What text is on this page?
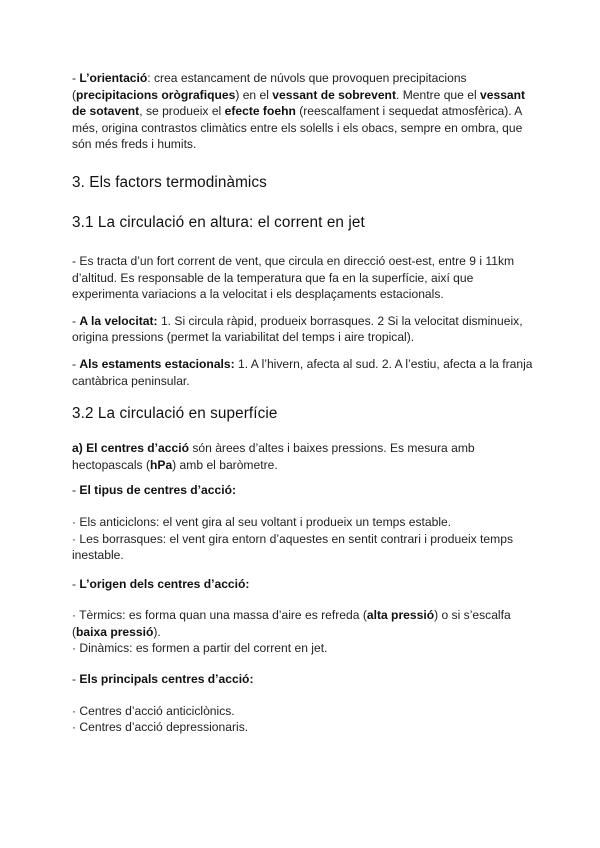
- L’orientació: crea estancament de núvols que provoquen precipitacions (precipitacions orògrafiques) en el vessant de sobrevent. Mentre que el vessant de sotavent, se produeix el efecte foehn (reescalfament i sequedat atmosfèrica). A més, origina contrastos climàtics entre els solells i els obacs, sempre en ombra, que són més freds i humits.

3. Els factors termodinàmics
3.1 La circulació en altura: el corrent en jet

- Es tracta d’un fort corrent de vent, que circula en direcció oest-est, entre 9 i 11km d’altitud. Es responsable de la temperatura que fa en la superfície, així que experimenta variacions a la velocitat i els desplaçaments estacionals.

- A la velocitat: 1. Si circula ràpid, produeix borrasques. 2 Si la velocitat disminueix, origina pressions (permet la variabilitat del temps i aire tropical).

- Als estaments estacionals: 1. A l’hivern, afecta al sud. 2. A l’estiu, afecta a la franja cantàbrica peninsular.

3.2 La circulació en superfície

a) El centres d’acció són àrees d’altes i baixes pressions. Es mesura amb hectopascals (hPa) amb el baròmetre.

- El tipus de centres d’acció:

· Els anticiclons: el vent gira al seu voltant i produeix un temps estable.
· Les borrasques: el vent gira entorn d’aquestes en sentit contrari i produeix temps inestable.

- L’origen dels centres d’acció:

· Tèrmics: es forma quan una massa d’aire es refreda (alta pressió) o si s’escalfa (baixa pressió).
· Dinàmics: es formen a partir del corrent en jet.

- Els principals centres d’acció:

· Centres d’acció anticiclònics.
· Centres d’acció depressionaris.
